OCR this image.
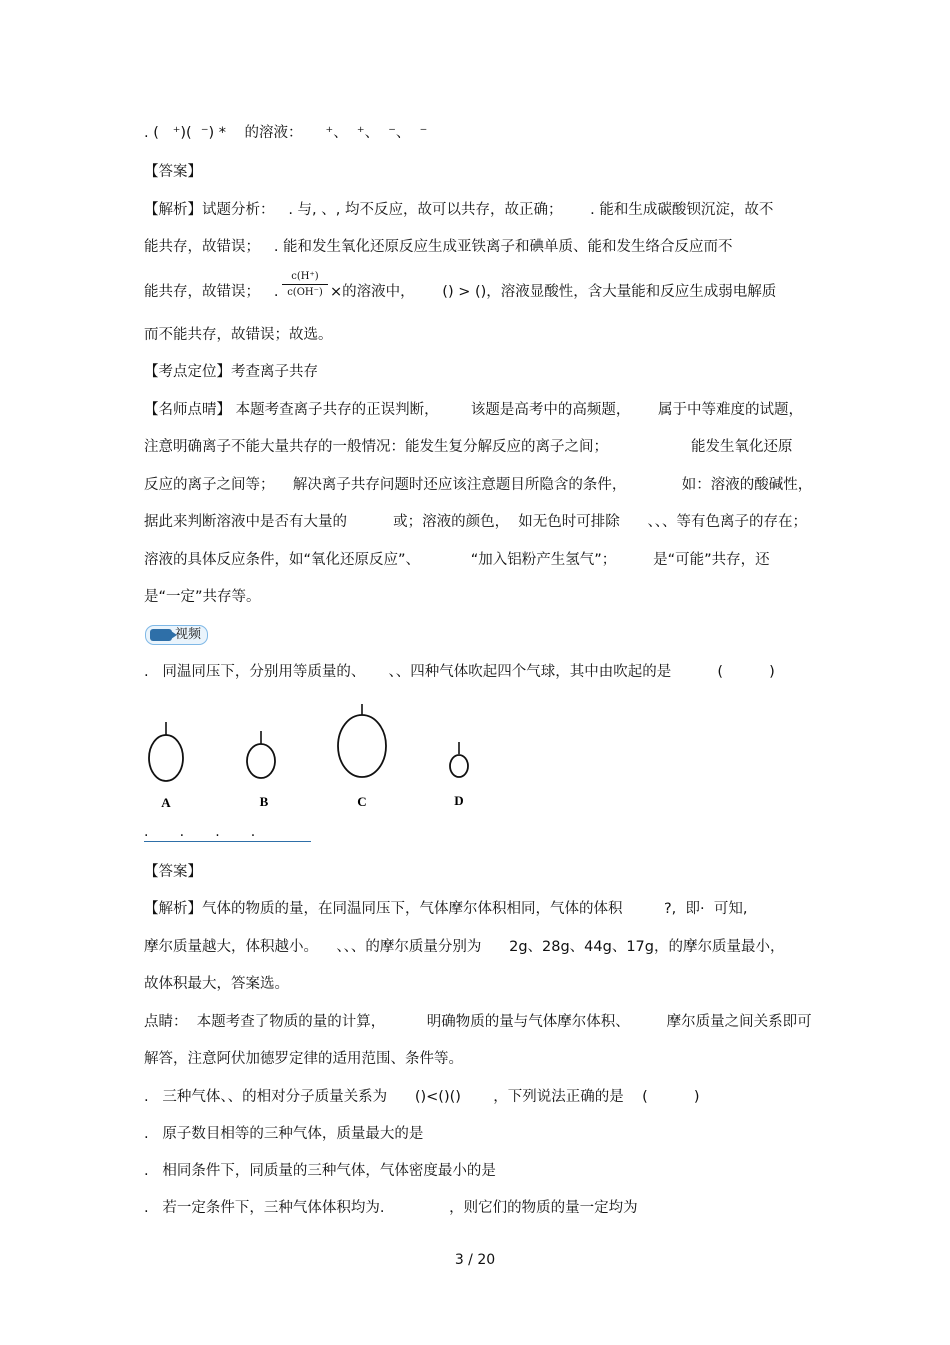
. (   ⁺)(  ⁻) *    的溶液：     ⁺、  ⁺、  ⁻、  ⁻
【答案】
【解析】试题分析：   . 与, 、, 均不反应，故可以共存，故正确；      . 能和生成碳酸钡沉淀，故不
能共存，故错误；   . 能和发生氧化还原反应生成亚铁离子和碘单质、能和发生络合反应而不
能共存，故错误；   . $\frac{c(H^+)}{c(OH^-)}$ ×的溶液中，      () > ()，溶液显酸性，含大量能和反应生成弱电解质
而不能共存，故错误；故选。
【考点定位】考查离子共存
【名师点晴】 本题考查离子共存的正误判断，       该题是高考中的高频题，      属于中等难度的试题，
注意明确离子不能大量共存的一般情况：能发生复分解反应的离子之间；                  能发生氧化还原
反应的离子之间等；    解决离子共存问题时还应该注意题目所隐含的条件，            如：溶液的酸碱性，
据此来判断溶液中是否有大量的          或；溶液的颜色，  如无色时可排除      、、、等有色离子的存在；
溶液的具体反应条件，如“氧化还原反应”、           “加入铝粉产生氢气”；        是“可能”共存，还
是“一定”共存等。
视频
.   同温同压下，分别用等质量的、     、、四种气体吹起四个气球，其中由吹起的是          (          )
A	B	C	D
.       .       .       .
【答案】
【解析】气体的物质的量，在同温同压下，气体摩尔体积相同，气体的体积         ?,  即·  可知,
摩尔质量越大，体积越小。    、、、的摩尔质量分别为      2g、28g、44g、17g，的摩尔质量最小，
故体积最大，答案选。
点睛：  本题考查了物质的量的计算，         明确物质的量与气体摩尔体积、        摩尔质量之间关系即可
解答，注意阿伏加德罗定律的适用范围、条件等。
.   三种气体、、的相对分子质量关系为      ()<()()       ，下列说法正确的是    (          )
.   原子数目相等的三种气体，质量最大的是
.   相同条件下，同质量的三种气体，气体密度最小的是
.   若一定条件下，三种气体体积均为.              ，则它们的物质的量一定均为
3 / 20
